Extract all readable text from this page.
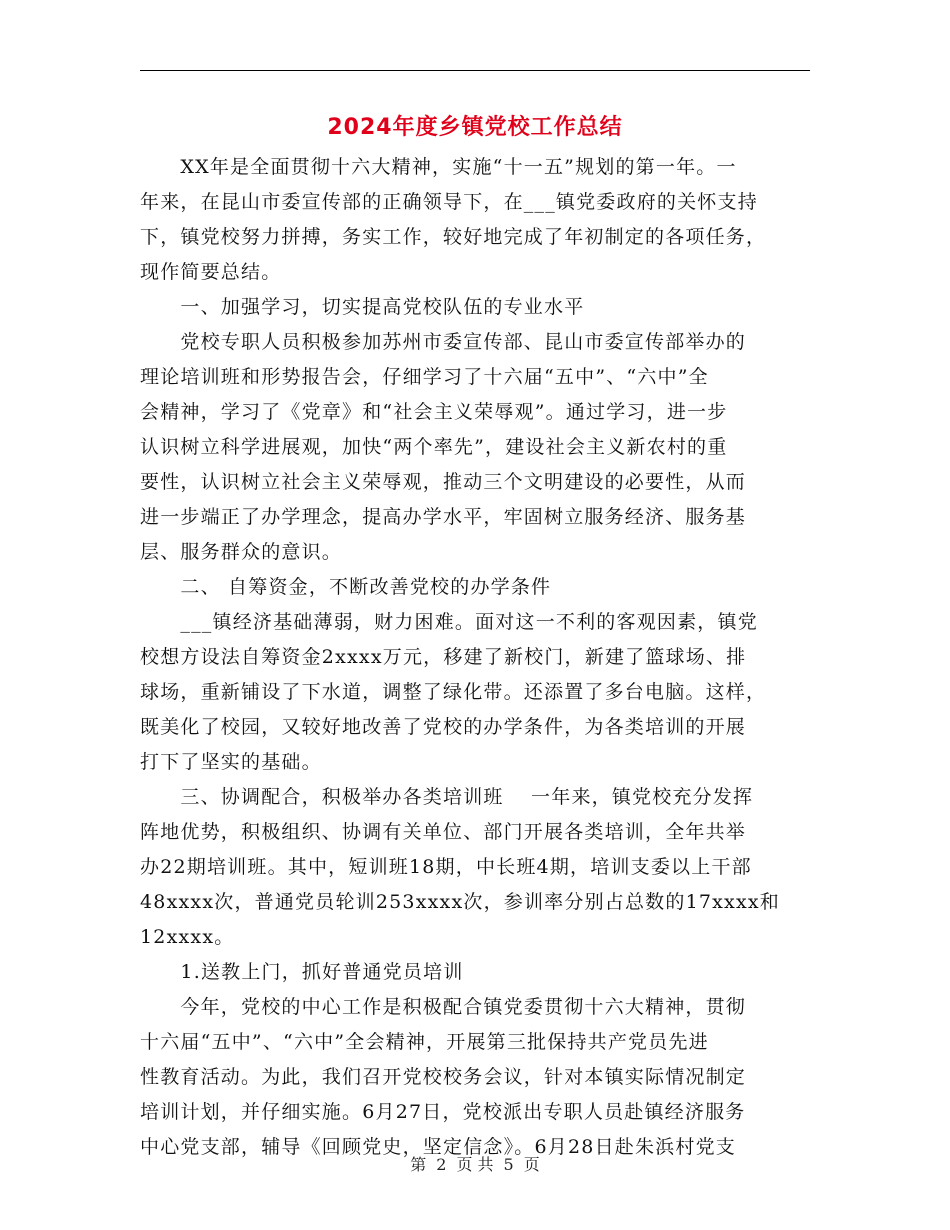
2024年度乡镇党校工作总结
　　XX年是全面贯彻十六大精神，实施“十一五”规划的第一年。一
年来，在昆山市委宣传部的正确领导下，在___镇党委政府的关怀支持
下，镇党校努力拼搏，务实工作，较好地完成了年初制定的各项任务，
现作简要总结。
　　一、加强学习，切实提高党校队伍的专业水平
　　党校专职人员积极参加苏州市委宣传部、昆山市委宣传部举办的
理论培训班和形势报告会，仔细学习了十六届“五中”、“六中”全
会精神，学习了《党章》和“社会主义荣辱观”。通过学习，进一步
认识树立科学进展观，加快“两个率先”，建设社会主义新农村的重
要性，认识树立社会主义荣辱观，推动三个文明建设的必要性，从而
进一步端正了办学理念，提高办学水平，牢固树立服务经济、服务基
层、服务群众的意识。
　　二、 自筹资金，不断改善党校的办学条件
　　___镇经济基础薄弱，财力困难。面对这一不利的客观因素，镇党
校想方设法自筹资金2xxxx万元，移建了新校门，新建了篮球场、排
球场，重新铺设了下水道，调整了绿化带。还添置了多台电脑。这样，
既美化了校园，又较好地改善了党校的办学条件，为各类培训的开展
打下了坚实的基础。
　　三、协调配合，积极举办各类培训班　 一年来，镇党校充分发挥
阵地优势，积极组织、协调有关单位、部门开展各类培训，全年共举
办22期培训班。其中，短训班18期，中长班4期，培训支委以上干部
48xxxx次，普通党员轮训253xxxx次，参训率分别占总数的17xxxx和
12xxxx。
　　1.送教上门，抓好普通党员培训
　　今年，党校的中心工作是积极配合镇党委贯彻十六大精神，贯彻
十六届“五中”、“六中”全会精神，开展第三批保持共产党员先进
性教育活动。为此，我们召开党校校务会议，针对本镇实际情况制定
培训计划，并仔细实施。6月27日，党校派出专职人员赴镇经济服务
中心党支部，辅导《回顾党史，坚定信念》。6月28日赴朱浜村党支
第 2 页 共 5 页
